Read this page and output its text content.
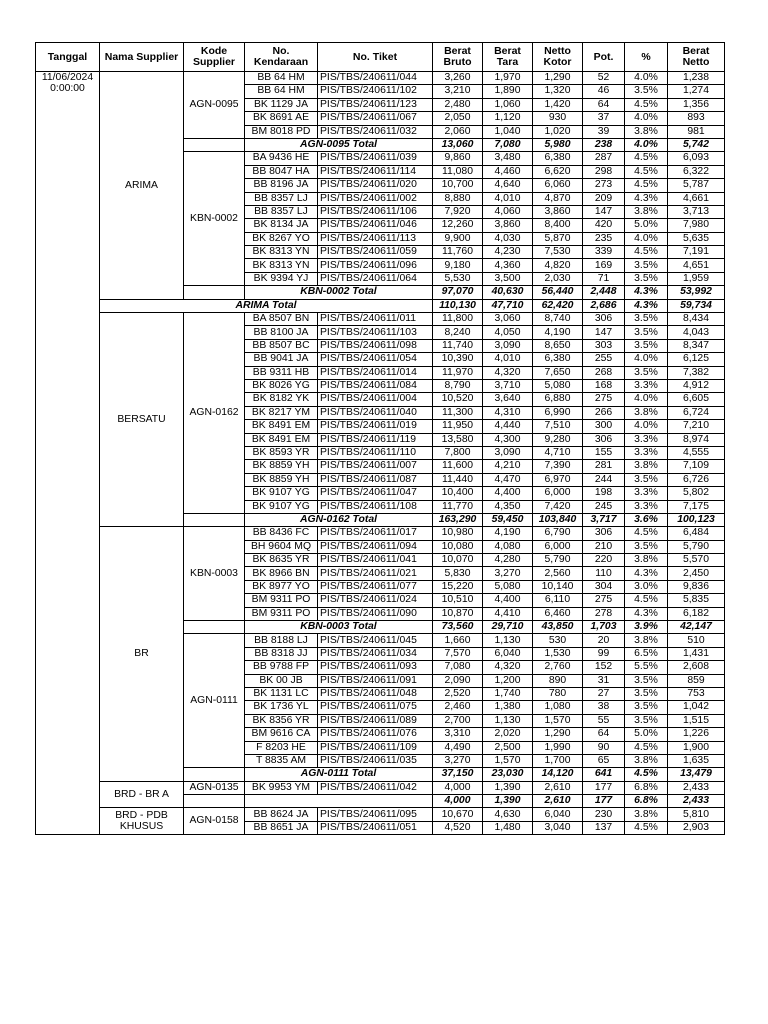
Tanggal	Nama Supplier	Kode Supplier	No. Kendaraan	No. Tiket	Berat Bruto	Berat Tara	Netto Kotor	Pot.	%	Berat Netto
11/06/2024 0:00:00	ARIMA	AGN-0095	BB 64 HM	PIS/TBS/240611/044	3,260	1,970	1,290	52	4.0%	1,238
			BB 64 HM	PIS/TBS/240611/102	3,210	1,890	1,320	46	3.5%	1,274
			BK 1129 JA	PIS/TBS/240611/123	2,480	1,060	1,420	64	4.5%	1,356
			BK 8691 AE	PIS/TBS/240611/067	2,050	1,120	930	37	4.0%	893
			BM 8018 PD	PIS/TBS/240611/032	2,060	1,040	1,020	39	3.8%	981
			AGN-0095 Total		13,060	7,080	5,980	238	4.0%	5,742
		KBN-0002	BA 9436 HE	PIS/TBS/240611/039	9,860	3,480	6,380	287	4.5%	6,093
			BB 8047 HA	PIS/TBS/240611/114	11,080	4,460	6,620	298	4.5%	6,322
			BB 8196 JA	PIS/TBS/240611/020	10,700	4,640	6,060	273	4.5%	5,787
			BB 8357 LJ	PIS/TBS/240611/002	8,880	4,010	4,870	209	4.3%	4,661
			BB 8357 LJ	PIS/TBS/240611/106	7,920	4,060	3,860	147	3.8%	3,713
			BK 8134 JA	PIS/TBS/240611/046	12,260	3,860	8,400	420	5.0%	7,980
			BK 8267 YO	PIS/TBS/240611/113	9,900	4,030	5,870	235	4.0%	5,635
			BK 8313 YN	PIS/TBS/240611/059	11,760	4,230	7,530	339	4.5%	7,191
			BK 8313 YN	PIS/TBS/240611/096	9,180	4,360	4,820	169	3.5%	4,651
			BK 9394 YJ	PIS/TBS/240611/064	5,530	3,500	2,030	71	3.5%	1,959
			KBN-0002 Total		97,070	40,630	56,440	2,448	4.3%	53,992
	ARIMA Total				110,130	47,710	62,420	2,686	4.3%	59,734
	BERSATU	AGN-0162	BA 8507 BN	PIS/TBS/240611/011	11,800	3,060	8,740	306	3.5%	8,434
			BB 8100 JA	PIS/TBS/240611/103	8,240	4,050	4,190	147	3.5%	4,043
			BB 8507 BC	PIS/TBS/240611/098	11,740	3,090	8,650	303	3.5%	8,347
			BB 9041 JA	PIS/TBS/240611/054	10,390	4,010	6,380	255	4.0%	6,125
			BB 9311 HB	PIS/TBS/240611/014	11,970	4,320	7,650	268	3.5%	7,382
			BK 8026 YG	PIS/TBS/240611/084	8,790	3,710	5,080	168	3.3%	4,912
			BK 8182 YK	PIS/TBS/240611/004	10,520	3,640	6,880	275	4.0%	6,605
			BK 8217 YM	PIS/TBS/240611/040	11,300	4,310	6,990	266	3.8%	6,724
			BK 8491 EM	PIS/TBS/240611/019	11,950	4,440	7,510	300	4.0%	7,210
			BK 8491 EM	PIS/TBS/240611/119	13,580	4,300	9,280	306	3.3%	8,974
			BK 8593 YR	PIS/TBS/240611/110	7,800	3,090	4,710	155	3.3%	4,555
			BK 8859 YH	PIS/TBS/240611/007	11,600	4,210	7,390	281	3.8%	7,109
			BK 8859 YH	PIS/TBS/240611/087	11,440	4,470	6,970	244	3.5%	6,726
			BK 9107 YG	PIS/TBS/240611/047	10,400	4,400	6,000	198	3.3%	5,802
			BK 9107 YG	PIS/TBS/240611/108	11,770	4,350	7,420	245	3.3%	7,175
			AGN-0162 Total		163,290	59,450	103,840	3,717	3.6%	100,123
	BR	KBN-0003	BB 8436 FC	PIS/TBS/240611/017	10,980	4,190	6,790	306	4.5%	6,484
			BH 9604 MQ	PIS/TBS/240611/094	10,080	4,080	6,000	210	3.5%	5,790
			BK 8635 YR	PIS/TBS/240611/041	10,070	4,280	5,790	220	3.8%	5,570
			BK 8966 BN	PIS/TBS/240611/021	5,830	3,270	2,560	110	4.3%	2,450
			BK 8977 YO	PIS/TBS/240611/077	15,220	5,080	10,140	304	3.0%	9,836
			BM 9311 PO	PIS/TBS/240611/024	10,510	4,400	6,110	275	4.5%	5,835
			BM 9311 PO	PIS/TBS/240611/090	10,870	4,410	6,460	278	4.3%	6,182
			KBN-0003 Total		73,560	29,710	43,850	1,703	3.9%	42,147
		AGN-0111	BB 8188 LJ	PIS/TBS/240611/045	1,660	1,130	530	20	3.8%	510
			BB 8318 JJ	PIS/TBS/240611/034	7,570	6,040	1,530	99	6.5%	1,431
			BB 9788 FP	PIS/TBS/240611/093	7,080	4,320	2,760	152	5.5%	2,608
			BK 00 JB	PIS/TBS/240611/091	2,090	1,200	890	31	3.5%	859
			BK 1131 LC	PIS/TBS/240611/048	2,520	1,740	780	27	3.5%	753
			BK 1736 YL	PIS/TBS/240611/075	2,460	1,380	1,080	38	3.5%	1,042
			BK 8356 YR	PIS/TBS/240611/089	2,700	1,130	1,570	55	3.5%	1,515
			BM 9616 CA	PIS/TBS/240611/076	3,310	2,020	1,290	64	5.0%	1,226
			F 8203 HE	PIS/TBS/240611/109	4,490	2,500	1,990	90	4.5%	1,900
			T 8835 AM	PIS/TBS/240611/035	3,270	1,570	1,700	65	3.8%	1,635
			AGN-0111 Total		37,150	23,030	14,120	641	4.5%	13,479
	BRD - BR A	AGN-0135	BK 9953 YM	PIS/TBS/240611/042	4,000	1,390	2,610	177	6.8%	2,433
					4,000	1,390	2,610	177	6.8%	2,433
	BRD - PDB KHUSUS	AGN-0158	BB 8624 JA	PIS/TBS/240611/095	10,670	4,630	6,040	230	3.8%	5,810
			BB 8651 JA	PIS/TBS/240611/051	4,520	1,480	3,040	137	4.5%	2,903
